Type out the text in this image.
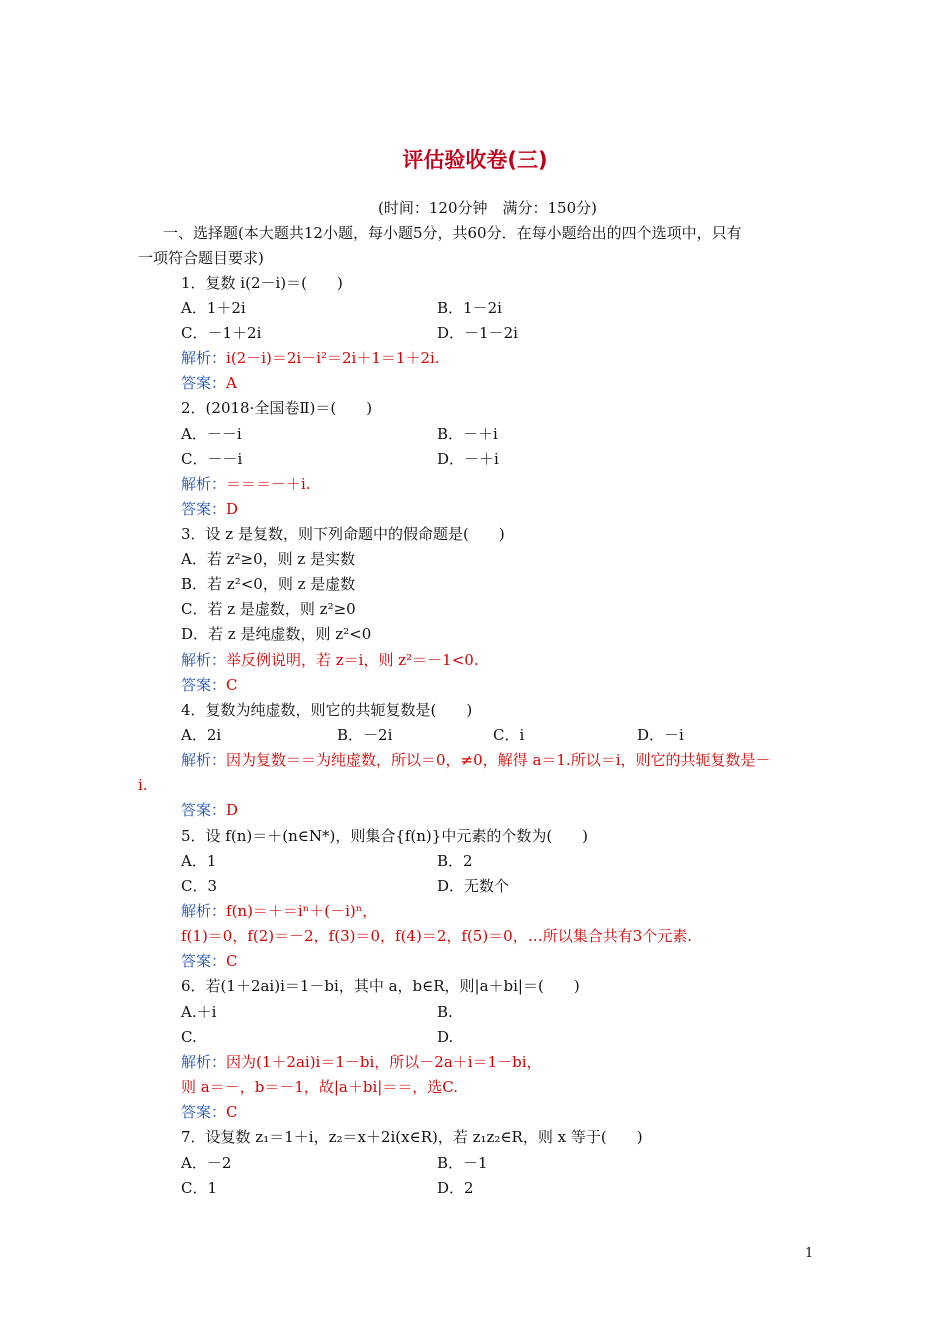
评估验收卷(三)
(时间：120分钟　满分：150分)
一、选择题(本大题共12小题，每小题5分，共60分．在每小题给出的四个选项中，只有
一项符合题目要求)
1．复数 i(2－i)＝(　　)
A．1＋2i	B．1－2i
C．－1＋2i	D．－1－2i
解析：i(2－i)＝2i－i²＝2i＋1＝1＋2i.
答案：A
2．(2018·全国卷Ⅱ)＝(　　)
A．－－i	B．－＋i
C．－－i	D．－＋i
解析：＝＝＝－＋i.
答案：D
3．设 z 是复数，则下列命题中的假命题是(　　)
A．若 z²≥0，则 z 是实数
B．若 z²<0，则 z 是虚数
C．若 z 是虚数，则 z²≥0
D．若 z 是纯虚数，则 z²<0
解析：举反例说明，若 z＝i，则 z²＝－1<0.
答案：C
4．复数为纯虚数，则它的共轭复数是(　　)
A．2i	B．－2i	C．i	D．－i
解析：因为复数＝＝为纯虚数，所以＝0，≠0，解得 a＝1.所以＝i，则它的共轭复数是－
i.
答案：D
5．设 f(n)＝＋(n∈N*)，则集合{f(n)}中元素的个数为(　　)
A．1	B．2
C．3	D．无数个
解析：f(n)＝＋＝iⁿ＋(－i)ⁿ，
f(1)＝0，f(2)＝－2，f(3)＝0，f(4)＝2，f(5)＝0，…所以集合共有3个元素.
答案：C
6．若(1＋2ai)i＝1－bi，其中 a，b∈R，则|a＋bi|＝(　　)
A.＋i	B.
C.	D.
解析：因为(1＋2ai)i＝1－bi，所以－2a＋i＝1－bi，
则 a＝－，b＝－1，故|a＋bi|＝＝，选C.
答案：C
7．设复数 z₁＝1＋i，z₂＝x＋2i(x∈R)，若 z₁z₂∈R，则 x 等于(　　)
A．－2	B．－1
C．1	D．2
1
